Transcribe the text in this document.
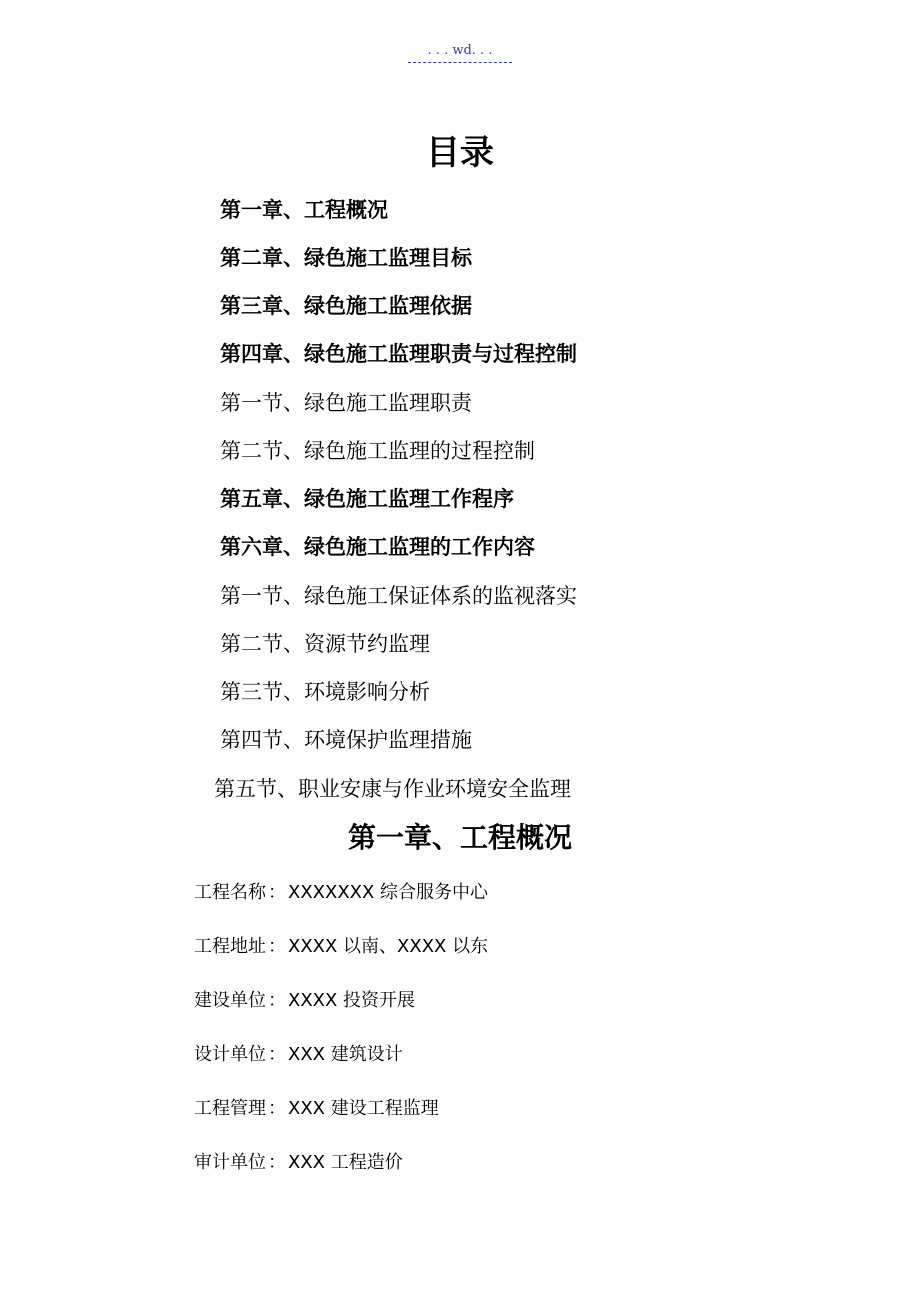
. . . wd. . .
目录
第一章、工程概况
第二章、绿色施工监理目标
第三章、绿色施工监理依据
第四章、绿色施工监理职责与过程控制
第一节、绿色施工监理职责
第二节、绿色施工监理的过程控制
第五章、绿色施工监理工作程序
第六章、绿色施工监理的工作内容
第一节、绿色施工保证体系的监视落实
第二节、资源节约监理
第三节、环境影响分析
第四节、环境保护监理措施
第五节、职业安康与作业环境安全监理
第一章、工程概况
工程名称 ： XXXXXXX 综合服务中心
工程地址 ： XXXX 以南、XXXX 以东
建设单位 ： XXXX 投资开展
设计单位 ： XXX 建筑设计
工程管理 ： XXX 建设工程监理
审计单位 ： XXX 工程造价
